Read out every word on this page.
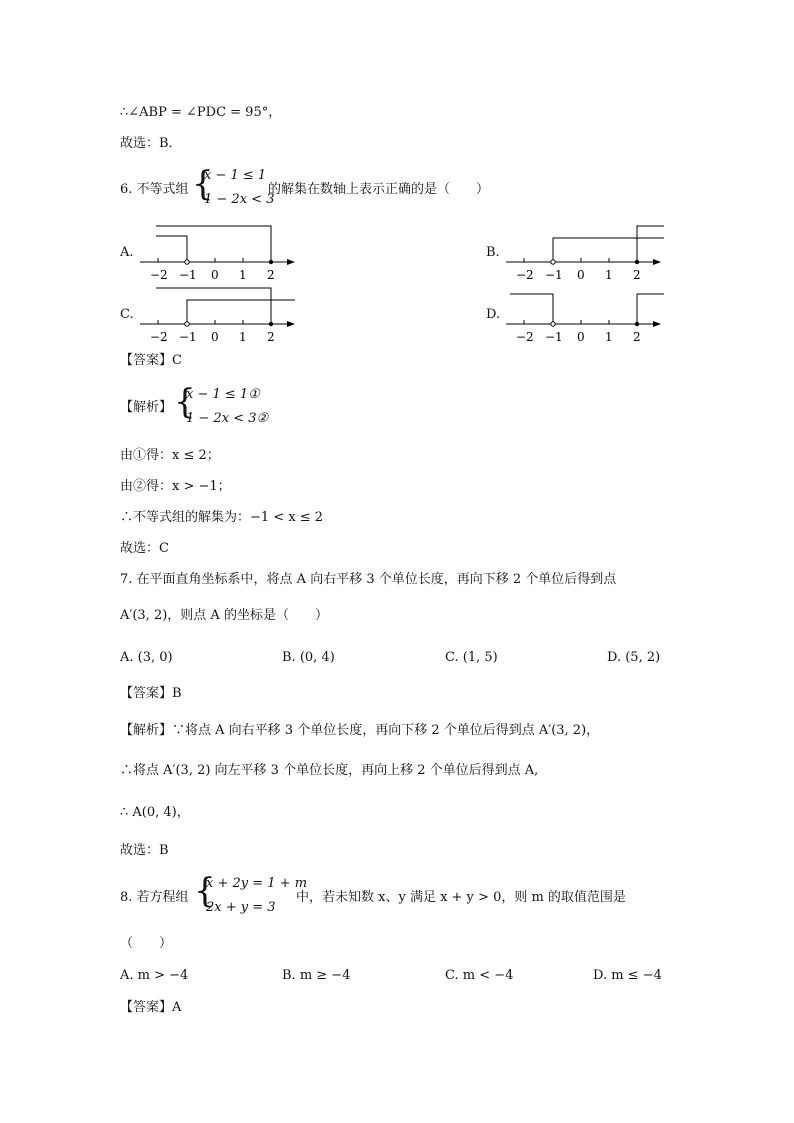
∴∠ABP = ∠PDC = 95°，
故选：B．
6. 不等式组 {
x − 1 ≤ 1
1 − 2x < 3
的解集在数轴上表示正确的是（　　）
A.	B.
C.	D.
−2 −1 0 1 2	−2 −1 0 1 2
−2 −1 0 1 2	−2 −1 0 1 2
【答案】C
【解析】 {
x − 1 ≤ 1①
1 − 2x < 3②
由①得：x ≤ 2；
由②得：x > −1；
∴不等式组的解集为：−1 < x ≤ 2
故选：C
7. 在平面直角坐标系中，将点 A 向右平移 3 个单位长度，再向下移 2 个单位后得到点
A′(3, 2)，则点 A 的坐标是（　　）
A. (3, 0)	B. (0, 4)	C. (1, 5)	D. (5, 2)
【答案】B
【解析】∵将点 A 向右平移 3 个单位长度，再向下移 2 个单位后得到点 A′(3, 2)，
∴将点 A′(3, 2) 向左平移 3 个单位长度，再向上移 2 个单位后得到点 A,
∴ A(0, 4)，
故选：B
8. 若方程组 {
x + 2y = 1 + m
2x + y = 3
中，若未知数 x、y 满足 x + y > 0，则 m 的取值范围是
（　　）
A. m > −4	B. m ≥ −4	C. m < −4	D. m ≤ −4
【答案】A
